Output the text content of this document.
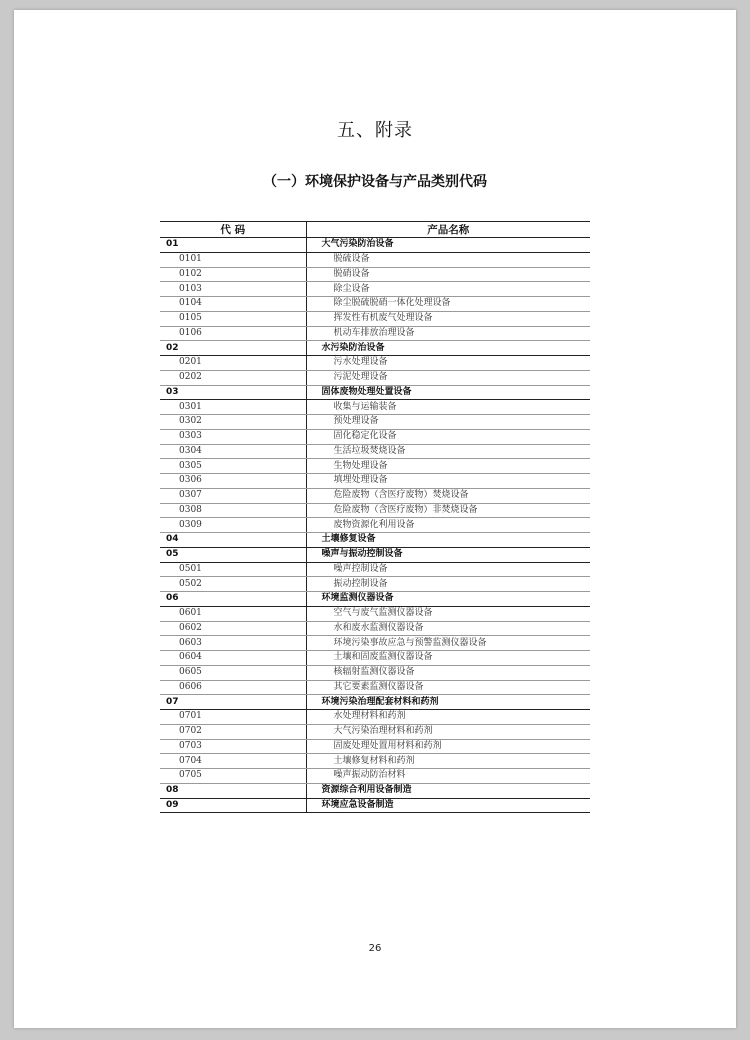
五、附录
（一）环境保护设备与产品类别代码
代 码	产品名称
01	大气污染防治设备
0101	脱硫设备
0102	脱硝设备
0103	除尘设备
0104	除尘脱硫脱硝一体化处理设备
0105	挥发性有机废气处理设备
0106	机动车排放治理设备
02	水污染防治设备
0201	污水处理设备
0202	污泥处理设备
03	固体废物处理处置设备
0301	收集与运输装备
0302	预处理设备
0303	固化稳定化设备
0304	生活垃圾焚烧设备
0305	生物处理设备
0306	填埋处理设备
0307	危险废物（含医疗废物）焚烧设备
0308	危险废物（含医疗废物）非焚烧设备
0309	废物资源化利用设备
04	土壤修复设备
05	噪声与振动控制设备
0501	噪声控制设备
0502	振动控制设备
06	环境监测仪器设备
0601	空气与废气监测仪器设备
0602	水和废水监测仪器设备
0603	环境污染事故应急与预警监测仪器设备
0604	土壤和固废监测仪器设备
0605	核辐射监测仪器设备
0606	其它要素监测仪器设备
07	环境污染治理配套材料和药剂
0701	水处理材料和药剂
0702	大气污染治理材料和药剂
0703	固废处理处置用材料和药剂
0704	土壤修复材料和药剂
0705	噪声振动防治材料
08	资源综合利用设备制造
09	环境应急设备制造
26
